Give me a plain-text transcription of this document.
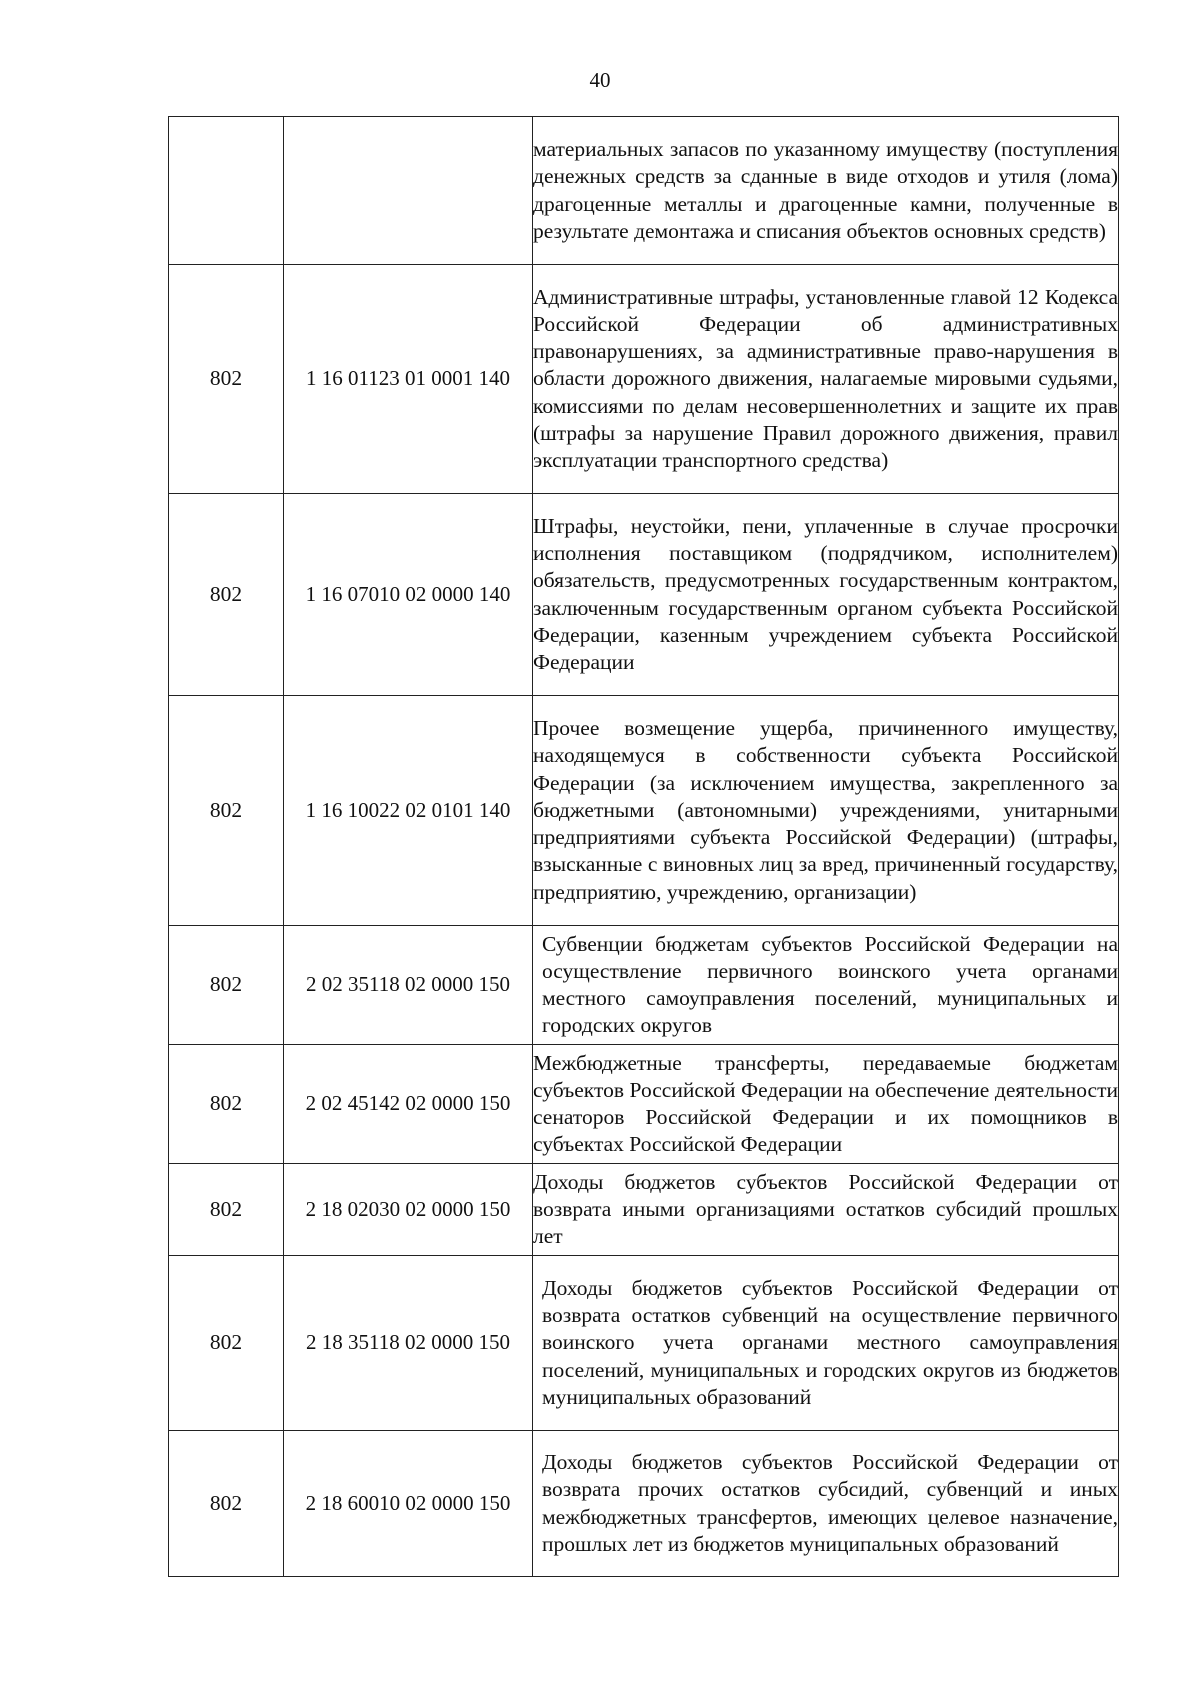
40
		материальных запасов по указанному имуществу (поступления денежных средств за сданные в виде отходов и утиля (лома) драгоценные металлы и драгоценные камни, полученные в результате демонтажа и списания объектов основных средств)
802	1 16 01123 01 0001 140	Административные штрафы, установленные главой 12 Кодекса Российской Федерации об административных правонарушениях, за административные право-нарушения в области дорожного движения, налагаемые мировыми судьями, комиссиями по делам несовершеннолетних и защите их прав (штрафы за нарушение Правил дорожного движения, правил эксплуатации транспортного средства)
802	1 16 07010 02 0000 140	Штрафы, неустойки, пени, уплаченные в случае просрочки исполнения поставщиком (подрядчиком, исполнителем) обязательств, предусмотренных государственным контрактом, заключенным государственным органом субъекта Российской Федерации, казенным учреждением субъекта Российской Федерации
802	1 16 10022 02 0101 140	Прочее возмещение ущерба, причиненного имуществу, находящемуся в собственности субъекта Российской Федерации (за исключением имущества, закрепленного за бюджетными (автономными) учреждениями, унитарными предприятиями субъекта Российской Федерации) (штрафы, взысканные с виновных лиц за вред, причиненный государству, предприятию, учреждению, организации)
802	2 02 35118 02 0000 150	Субвенции бюджетам субъектов Российской Федерации на осуществление первичного воинского учета органами местного самоуправления поселений, муниципальных и городских округов
802	2 02 45142 02 0000 150	Межбюджетные трансферты, передаваемые бюджетам субъектов Российской Федерации на обеспечение деятельности сенаторов Российской Федерации и их помощников в субъектах Российской Федерации
802	2 18 02030 02 0000 150	Доходы бюджетов субъектов Российской Федерации от возврата иными организациями остатков субсидий прошлых лет
802	2 18 35118 02 0000 150	Доходы бюджетов субъектов Российской Федерации от возврата остатков субвенций на осуществление первичного воинского учета органами местного самоуправления поселений, муниципальных и городских округов из бюджетов муниципальных образований
802	2 18 60010 02 0000 150	Доходы бюджетов субъектов Российской Федерации от возврата прочих остатков субсидий, субвенций и иных межбюджетных трансфертов, имеющих целевое назначение, прошлых лет из бюджетов муниципальных образований
